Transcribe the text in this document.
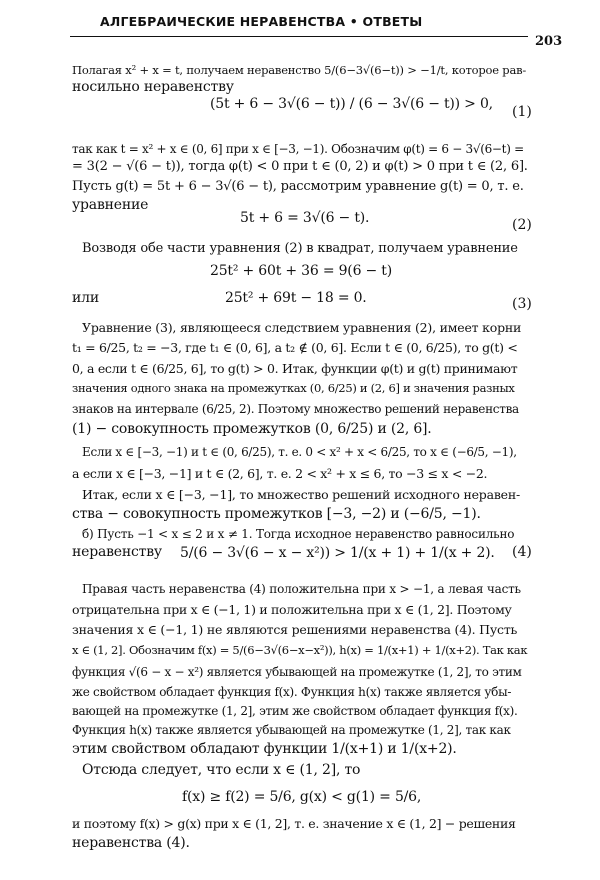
АЛГЕБРАИЧЕСКИЕ НЕРАВЕНСТВА • ОТВЕТЫ
203
Полагая x² + x = t, получаем неравенство 5/(6−3√(6−t)) > −1/t, которое рав-
носильно неравенству
(5t + 6 − 3√(6 − t)) / (6 − 3√(6 − t)) > 0, (1)
так как t = x² + x ∈ (0, 6] при x ∈ [−3, −1). Обозначим φ(t) = 6 − 3√(6−t) =
= 3(2 − √(6 − t)), тогда φ(t) < 0 при t ∈ (0, 2) и φ(t) > 0 при t ∈ (2, 6].
Пусть g(t) = 5t + 6 − 3√(6 − t), рассмотрим уравнение g(t) = 0, т. е.
уравнение
5t + 6 = 3√(6 − t).	(2)
Возводя обе части уравнения (2) в квадрат, получаем уравнение
25t² + 60t + 36 = 9(6 − t)
или	25t² + 69t − 18 = 0.	(3)
Уравнение (3), являющееся следствием уравнения (2), имеет корни
t₁ = 6/25, t₂ = −3, где t₁ ∈ (0, 6], а t₂ ∉ (0, 6]. Если t ∈ (0, 6/25), то g(t) <
0, а если t ∈ (6/25, 6], то g(t) > 0. Итак, функции φ(t) и g(t) принимают
значения одного знака на промежутках (0, 6/25) и (2, 6] и значения разных
знаков на интервале (6/25, 2). Поэтому множество решений неравенства
(1) − совокупность промежутков (0, 6/25) и (2, 6].
Если x ∈ [−3, −1) и t ∈ (0, 6/25), т. е. 0 < x² + x < 6/25, то x ∈ (−6/5, −1),
а если x ∈ [−3, −1] и t ∈ (2, 6], т. е. 2 < x² + x ≤ 6, то −3 ≤ x < −2.
Итак, если x ∈ [−3, −1], то множество решений исходного неравен-
ства − совокупность промежутков [−3, −2) и (−6/5, −1).
б) Пусть −1 < x ≤ 2 и x ≠ 1. Тогда исходное неравенство равносильно
неравенству 5/(6 − 3√(6 − x − x²)) > 1/(x + 1) + 1/(x + 2). (4)
Правая часть неравенства (4) положительна при x > −1, а левая часть
отрицательна при x ∈ (−1, 1) и положительна при x ∈ (1, 2]. Поэтому
значения x ∈ (−1, 1) не являются решениями неравенства (4). Пусть
x ∈ (1, 2]. Обозначим f(x) = 5/(6−3√(6−x−x²)), h(x) = 1/(x+1) + 1/(x+2). Так как
функция √(6 − x − x²) является убывающей на промежутке (1, 2], то этим
же свойством обладает функция f(x). Функция h(x) также является убы-
вающей на промежутке (1, 2], этим же свойством обладает функция f(x).
Функция h(x) также является убывающей на промежутке (1, 2], так как
этим свойством обладают функции 1/(x+1) и 1/(x+2).
Отсюда следует, что если x ∈ (1, 2], то
f(x) ≥ f(2) = 5/6, g(x) < g(1) = 5/6,
и поэтому f(x) > g(x) при x ∈ (1, 2], т. е. значение x ∈ (1, 2] − решения
неравенства (4).
